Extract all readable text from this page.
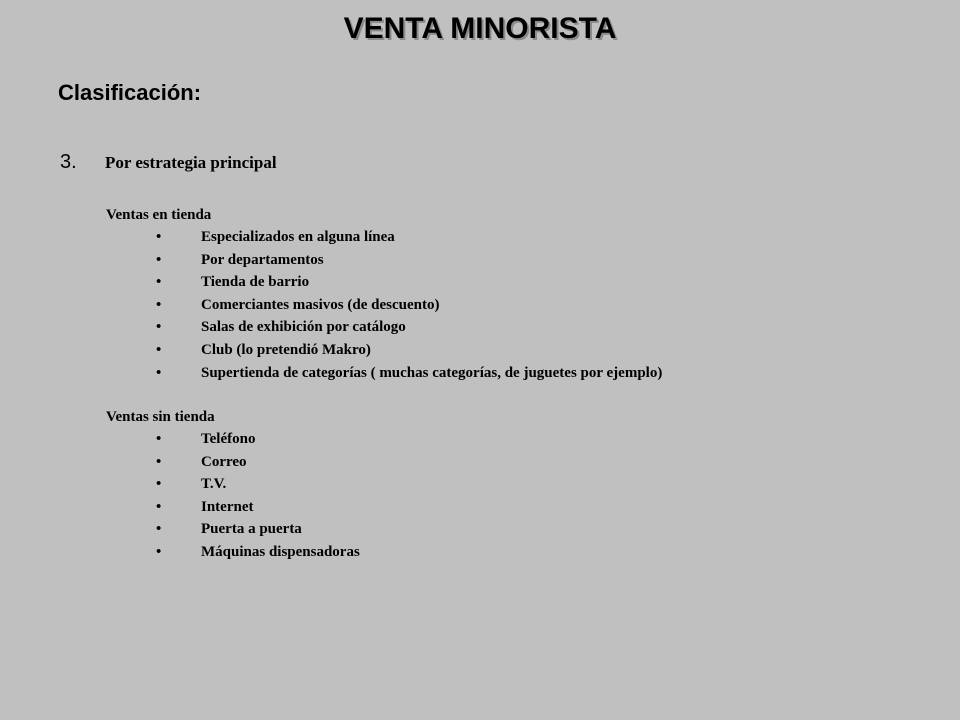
VENTA MINORISTA
Clasificación:
3.	Por estrategia principal
Ventas en tienda
•	Especializados en alguna línea
•	Por departamentos
•	Tienda de barrio
•	Comerciantes masivos (de descuento)
•	Salas de exhibición por catálogo
•	Club (lo pretendió Makro)
•	Supertienda de categorías ( muchas categorías, de juguetes por ejemplo)
Ventas sin tienda
•	Teléfono
•	Correo
•	T.V.
•	Internet
•	Puerta a puerta
•	Máquinas dispensadoras
